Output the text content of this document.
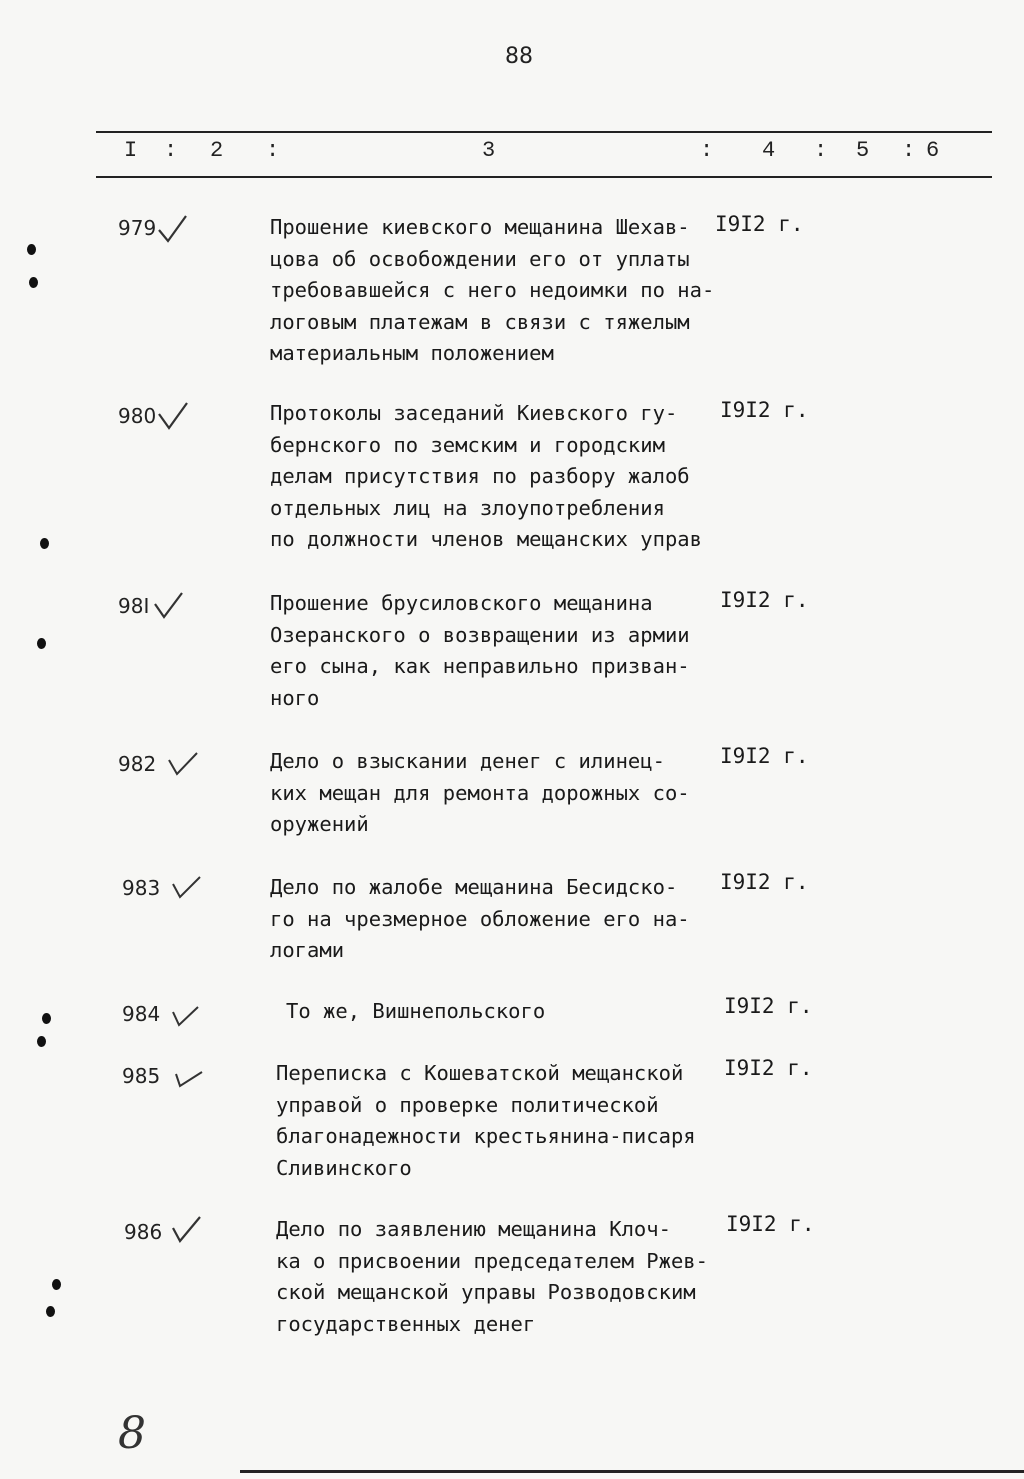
88
I : 2 :	3	: 4 : 5 : 6
979	Прошение киевского мещанина Шехав-
цова об освобождении его от уплаты
требовавшейся с него недоимки по на-
логовым платежам в связи с тяжелым
материальным положением
I9I2 г.
980	Протоколы заседаний Киевского гу-
бернского по земским и городским
делам присутствия по разбору жалоб
отдельных лиц на злоупотребления
по должности членов мещанских управ
I9I2 г.
98I	Прошение брусиловского мещанина
Озеранского о возвращении из армии
его сына, как неправильно призван-
ного
I9I2 г.
982	Дело о взыскании денег с илинец-
ких мещан для ремонта дорожных со-
оружений
I9I2 г.
983	Дело по жалобе мещанина Бесидско-
го на чрезмерное обложение его на-
логами
I9I2 г.
984	То же, Вишнепольского	I9I2 г.
985	Переписка с Кошеватской мещанской
управой о проверке политической
благонадежности крестьянина-писаря
Сливинского
I9I2 г.
986	Дело по заявлению мещанина Клоч-
ка о присвоении председателем Ржев-
ской мещанской управы Розводовским
государственных денег
I9I2 г.
8
